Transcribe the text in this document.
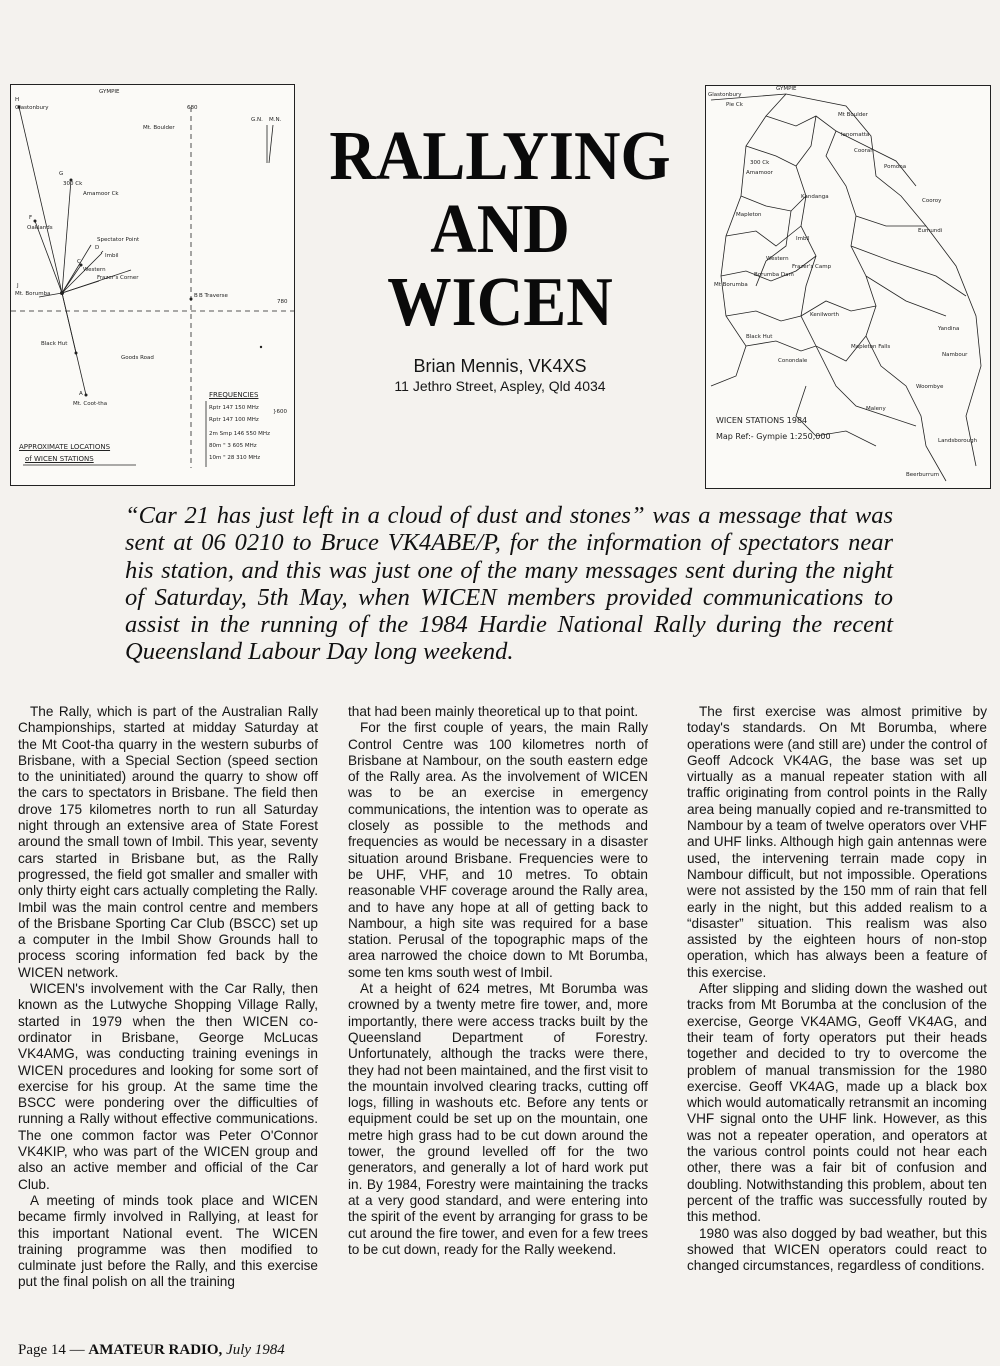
GYMPIE
Glastonbury
Mt. Boulder
300 Ck
Amamoor Ck
Oaklands
Spectator Point
Imbil
Western
Frazer's Corner
Mt. Borumba	B Traverse
Black Hut
Goods Road
Mt. Coot-tha
H
G
F
D
C
J
A
B
680
780
G.N. M.N.
FREQUENCIES
Rptr 147 150 MHz
Rptr 147 100 MHz
2m Smp 146 550 MHz
80m " 3 605 MHz
10m " 28 310 MHz
}600
APPROXIMATE LOCATIONS
of WICEN STATIONS
GYMPIE
Glastonbury
Pie Ck
Mt Boulder
Amamoor
300 Ck
Ianomatta
Kandanga
Mapleton
Imbil
Western
Frazer's Camp
Borumba Dam
Mt Borumba
Kenilworth
Black Hut
Conondale
Yandina
Nambour
Mapleton Falls
Woombye
Maleny
Beerburrum
Landsborough
Cooroy
Eumundi
Pomona
Cooran
WICEN STATIONS 1984
Map Ref:- Gympie 1:250,000
RALLYING
AND
WICEN
Brian Mennis, VK4XS
11 Jethro Street, Aspley, Qld 4034
“Car 21 has just left in a cloud of dust and stones” was a message that was sent at 06 0210 to Bruce VK4ABE/P, for the information of spectators near his station, and this was just one of the many messages sent during the night of Saturday, 5th May, when WICEN members provided communications to assist in the running of the 1984 Hardie National Rally during the recent Queensland Labour Day long weekend.

The Rally, which is part of the Australian Rally Championships, started at midday Saturday at the Mt Coot-tha quarry in the western suburbs of Brisbane, with a Special Section (speed section to the uninitiated) around the quarry to show off the cars to spectators in Brisbane. The field then drove 175 kilometres north to run all Saturday night through an extensive area of State Forest around the small town of Imbil. This year, seventy cars started in Brisbane but, as the Rally progressed, the field got smaller and smaller with only thirty eight cars actually completing the Rally. Imbil was the main control centre and members of the Brisbane Sporting Car Club (BSCC) set up a computer in the Imbil Show Grounds hall to process scoring information fed back by the WICEN network.

WICEN's involvement with the Car Rally, then known as the Lutwyche Shopping Village Rally, started in 1979 when the then WICEN co-ordinator in Brisbane, George McLucas VK4AMG, was conducting training evenings in WICEN procedures and looking for some sort of exercise for his group. At the same time the BSCC were pondering over the difficulties of running a Rally without effective communications. The one common factor was Peter O'Connor VK4KIP, who was part of the WICEN group and also an active member and official of the Car Club.

A meeting of minds took place and WICEN became firmly involved in Rallying, at least for this important National event. The WICEN training programme was then modified to culminate just before the Rally, and this exercise put the final polish on all the training

that had been mainly theoretical up to that point.

For the first couple of years, the main Rally Control Centre was 100 kilometres north of Brisbane at Nambour, on the south eastern edge of the Rally area. As the involvement of WICEN was to be an exercise in emergency communications, the intention was to operate as closely as possible to the methods and frequencies as would be necessary in a disaster situation around Brisbane. Frequencies were to be UHF, VHF, and 10 metres. To obtain reasonable VHF coverage around the Rally area, and to have any hope at all of getting back to Nambour, a high site was required for a base station. Perusal of the topographic maps of the area narrowed the choice down to Mt Borumba, some ten kms south west of Imbil.

At a height of 624 metres, Mt Borumba was crowned by a twenty metre fire tower, and, more importantly, there were access tracks built by the Queensland Department of Forestry. Unfortunately, although the tracks were there, they had not been maintained, and the first visit to the mountain involved clearing tracks, cutting off logs, filling in washouts etc. Before any tents or equipment could be set up on the mountain, one metre high grass had to be cut down around the tower, the ground levelled off for the two generators, and generally a lot of hard work put in. By 1984, Forestry were maintaining the tracks at a very good standard, and were entering into the spirit of the event by arranging for grass to be cut around the fire tower, and even for a few trees to be cut down, ready for the Rally weekend.

The first exercise was almost primitive by today's standards. On Mt Borumba, where operations were (and still are) under the control of Geoff Adcock VK4AG, the base was set up virtually as a manual repeater station with all traffic originating from control points in the Rally area being manually copied and re-transmitted to Nambour by a team of twelve operators over VHF and UHF links. Although high gain antennas were used, the intervening terrain made copy in Nambour difficult, but not impossible. Operations were not assisted by the 150 mm of rain that fell early in the night, but this added realism to a “disaster” situation. This realism was also assisted by the eighteen hours of non-stop operation, which has always been a feature of this exercise.

After slipping and sliding down the washed out tracks from Mt Borumba at the conclusion of the exercise, George VK4AMG, Geoff VK4AG, and their team of forty operators put their heads together and decided to try to overcome the problem of manual transmission for the 1980 exercise. Geoff VK4AG, made up a black box which would automatically retransmit an incoming VHF signal onto the UHF link. However, as this was not a repeater operation, and operators at the various control points could not hear each other, there was a fair bit of confusion and doubling. Notwithstanding this problem, about ten percent of the traffic was successfully routed by this method.

1980 was also dogged by bad weather, but this showed that WICEN operators could react to changed circumstances, regardless of conditions.

Page 14 — AMATEUR RADIO, July 1984
